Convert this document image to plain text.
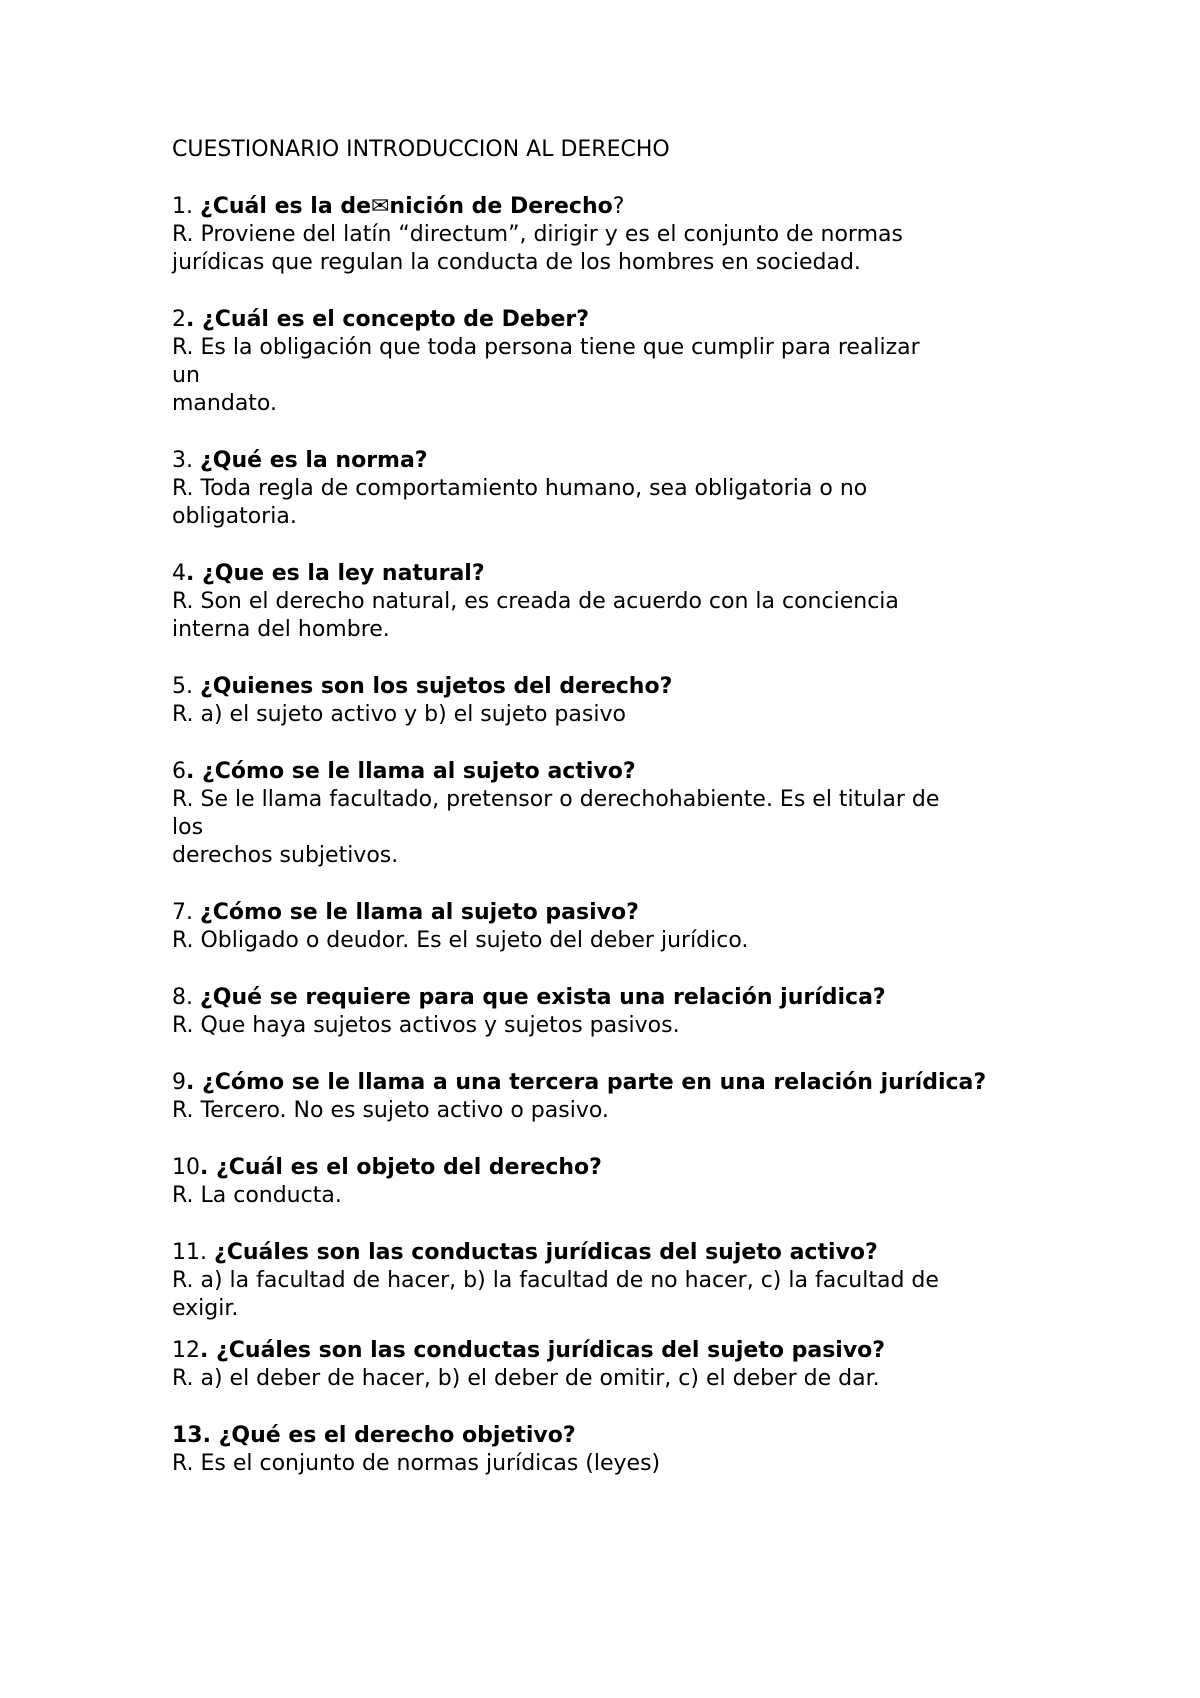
CUESTIONARIO INTRODUCCION AL DERECHO
1. ¿Cuál es la de✉nición de Derecho?
R. Proviene del latín “directum”, dirigir y es el conjunto de normas
jurídicas que regulan la conducta de los hombres en sociedad.
2. ¿Cuál es el concepto de Deber?
R. Es la obligación que toda persona tiene que cumplir para realizar
un
mandato.
3. ¿Qué es la norma?
R. Toda regla de comportamiento humano, sea obligatoria o no
obligatoria.
4. ¿Que es la ley natural?
R. Son el derecho natural, es creada de acuerdo con la conciencia
interna del hombre.
5. ¿Quienes son los sujetos del derecho?
R. a) el sujeto activo y b) el sujeto pasivo
6. ¿Cómo se le llama al sujeto activo?
R. Se le llama facultado, pretensor o derechohabiente. Es el titular de
los
derechos subjetivos.
7. ¿Cómo se le llama al sujeto pasivo?
R. Obligado o deudor. Es el sujeto del deber jurídico.
8. ¿Qué se requiere para que exista una relación jurídica?
R. Que haya sujetos activos y sujetos pasivos.
9. ¿Cómo se le llama a una tercera parte en una relación jurídica?
R. Tercero. No es sujeto activo o pasivo.
10. ¿Cuál es el objeto del derecho?
R. La conducta.
11. ¿Cuáles son las conductas jurídicas del sujeto activo?
R. a) la facultad de hacer, b) la facultad de no hacer, c) la facultad de
exigir.
12. ¿Cuáles son las conductas jurídicas del sujeto pasivo?
R. a) el deber de hacer, b) el deber de omitir, c) el deber de dar.
13. ¿Qué es el derecho objetivo?
R. Es el conjunto de normas jurídicas (leyes)
